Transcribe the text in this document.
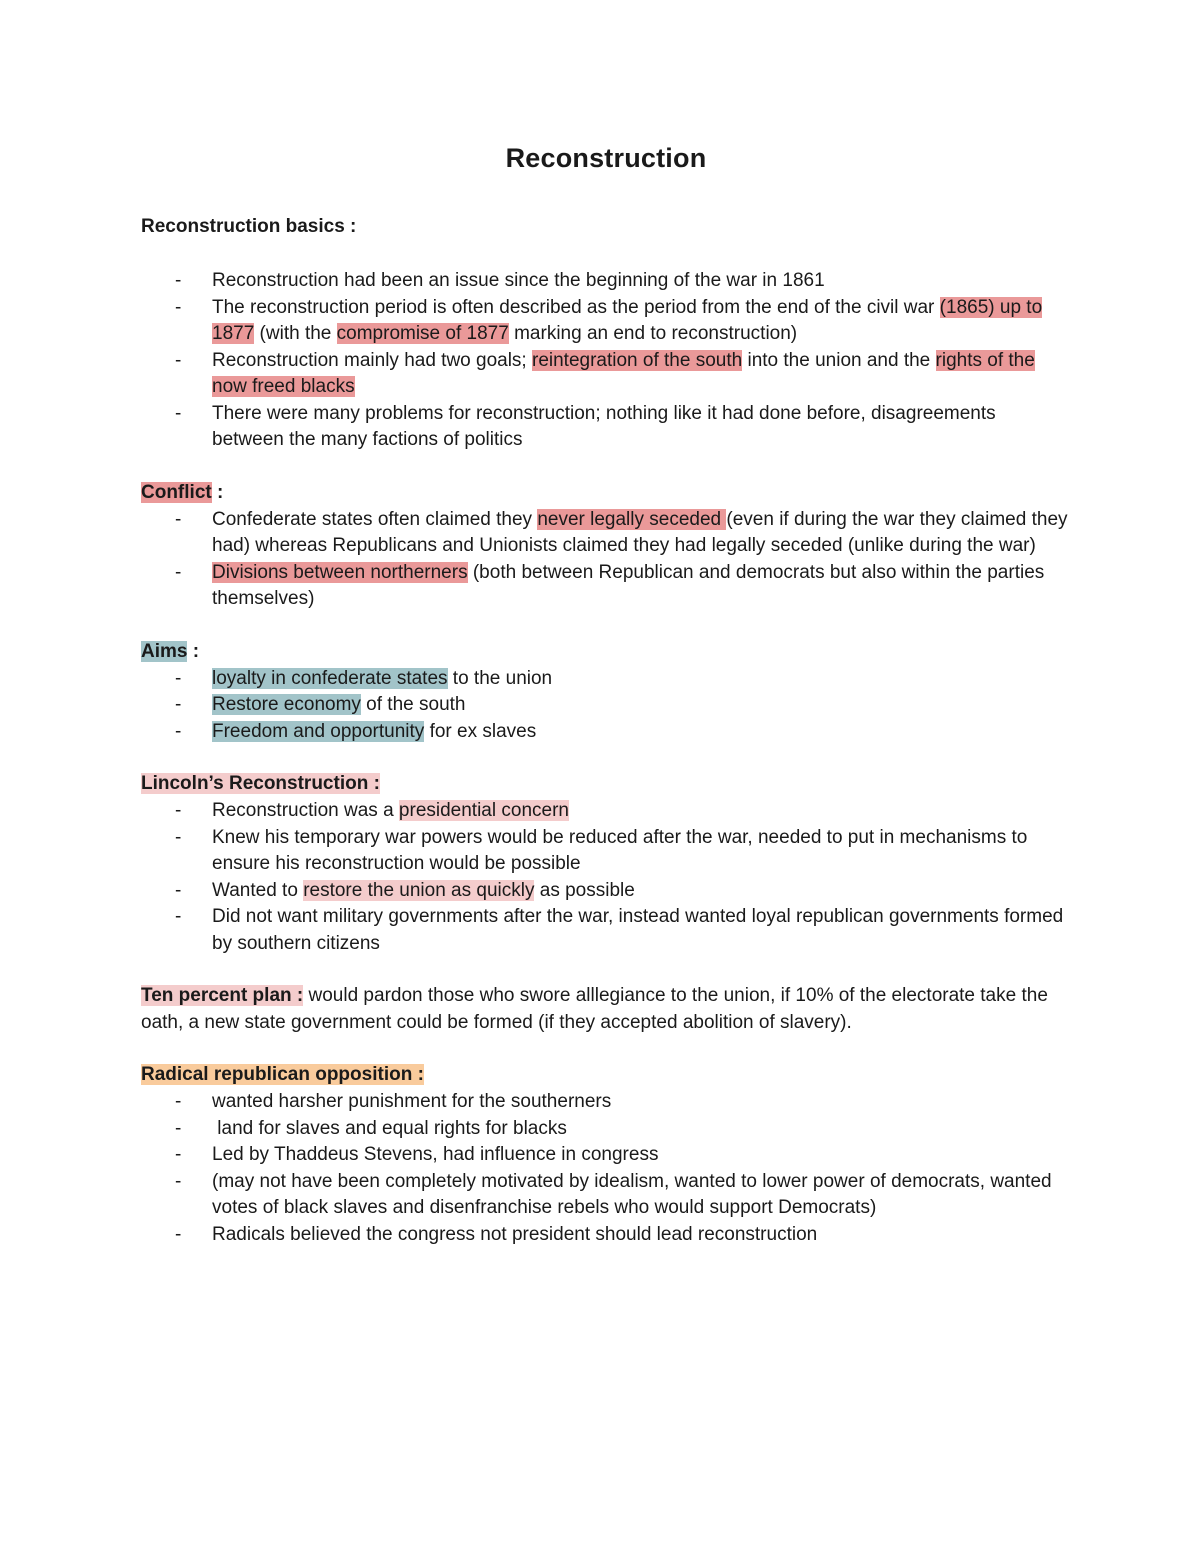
Reconstruction

Reconstruction basics :

- Reconstruction had been an issue since the beginning of the war in 1861
- The reconstruction period is often described as the period from the end of the civil war (1865) up to 1877 (with the compromise of 1877 marking an end to reconstruction)
- Reconstruction mainly had two goals; reintegration of the south into the union and the rights of the now freed blacks
- There were many problems for reconstruction; nothing like it had done before, disagreements between the many factions of politics

Conflict :

- Confederate states often claimed they never legally seceded (even if during the war they claimed they had) whereas Republicans and Unionists claimed they had legally seceded (unlike during the war)
- Divisions between northerners (both between Republican and democrats but also within the parties themselves)

Aims :

- loyalty in confederate states to the union
- Restore economy of the south
- Freedom and opportunity for ex slaves

Lincoln’s Reconstruction :

- Reconstruction was a presidential concern
- Knew his temporary war powers would be reduced after the war, needed to put in mechanisms to ensure his reconstruction would be possible
- Wanted to restore the union as quickly as possible
- Did not want military governments after the war, instead wanted loyal republican governments formed by southern citizens

Ten percent plan : would pardon those who swore alllegiance to the union, if 10% of the electorate take the oath, a new state government could be formed (if they accepted abolition of slavery).

Radical republican opposition :

- wanted harsher punishment for the southerners
-  land for slaves and equal rights for blacks
- Led by Thaddeus Stevens, had influence in congress
- (may not have been completely motivated by idealism, wanted to lower power of democrats, wanted votes of black slaves and disenfranchise rebels who would support Democrats)
- Radicals believed the congress not president should lead reconstruction
